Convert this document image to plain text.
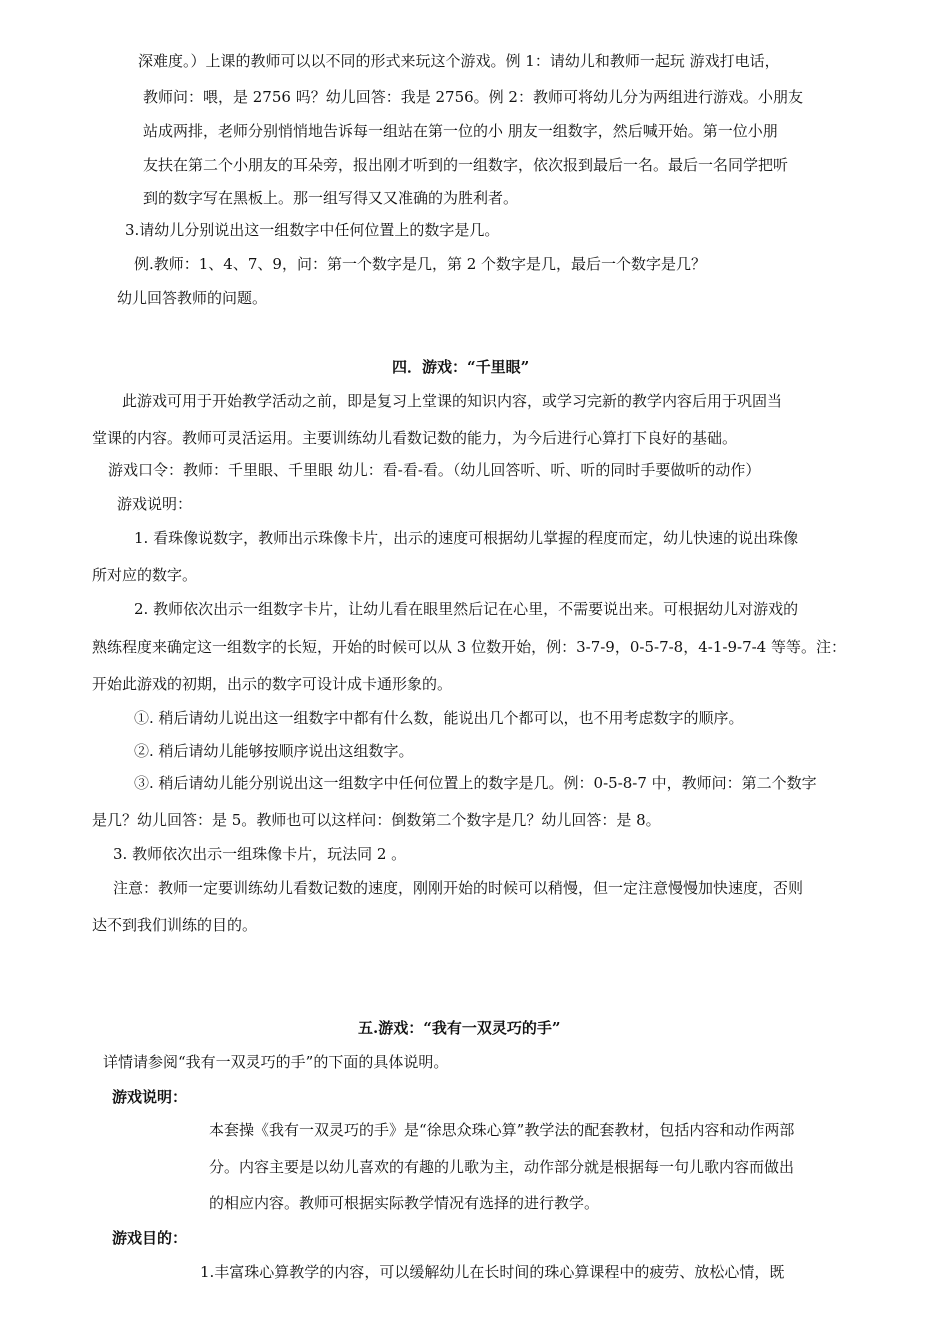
深难度。）上课的教师可以以不同的形式来玩这个游戏。例 1：请幼儿和教师一起玩 游戏打电话，
教师问：喂，是 2756 吗？幼儿回答：我是 2756。例 2：教师可将幼儿分为两组进行游戏。小朋友
站成两排，老师分别悄悄地告诉每一组站在第一位的小 朋友一组数字，然后喊开始。第一位小朋
友扶在第二个小朋友的耳朵旁，报出刚才听到的一组数字，依次报到最后一名。最后一名同学把听
到的数字写在黑板上。那一组写得又又准确的为胜利者。
3.请幼儿分别说出这一组数字中任何位置上的数字是几。
例.教师：1、4、7、9，问：第一个数字是几，第 2 个数字是几，最后一个数字是几？
幼儿回答教师的问题。
四．游戏：“千里眼”
此游戏可用于开始教学活动之前，即是复习上堂课的知识内容，或学习完新的教学内容后用于巩固当
堂课的内容。教师可灵活运用。主要训练幼儿看数记数的能力，为今后进行心算打下良好的基础。
游戏口令：教师：千里眼、千里眼 幼儿：看-看-看。（幼儿回答听、听、听的同时手要做听的动作）
游戏说明：
1. 看珠像说数字，教师出示珠像卡片，出示的速度可根据幼儿掌握的程度而定，幼儿快速的说出珠像
所对应的数字。
2. 教师依次出示一组数字卡片，让幼儿看在眼里然后记在心里，不需要说出来。可根据幼儿对游戏的
熟练程度来确定这一组数字的长短，开始的时候可以从 3 位数开始，例：3-7-9，0-5-7-8，4-1-9-7-4 等等。注：
开始此游戏的初期，出示的数字可设计成卡通形象的。
①. 稍后请幼儿说出这一组数字中都有什么数，能说出几个都可以，也不用考虑数字的顺序。
②. 稍后请幼儿能够按顺序说出这组数字。
③. 稍后请幼儿能分别说出这一组数字中任何位置上的数字是几。例：0-5-8-7 中，教师问：第二个数字
是几？幼儿回答：是 5。教师也可以这样问：倒数第二个数字是几？幼儿回答：是 8。
3. 教师依次出示一组珠像卡片，玩法同 2 。
注意：教师一定要训练幼儿看数记数的速度，刚刚开始的时候可以稍慢，但一定注意慢慢加快速度，否则
达不到我们训练的目的。
五.游戏：“我有一双灵巧的手”
详情请参阅“我有一双灵巧的手”的下面的具体说明。
游戏说明：
本套操《我有一双灵巧的手》是“徐思众珠心算”教学法的配套教材，包括内容和动作两部
分。内容主要是以幼儿喜欢的有趣的儿歌为主，动作部分就是根据每一句儿歌内容而做出
的相应内容。教师可根据实际教学情况有选择的进行教学。
游戏目的：
1.丰富珠心算教学的内容，可以缓解幼儿在长时间的珠心算课程中的疲劳、放松心情，既
